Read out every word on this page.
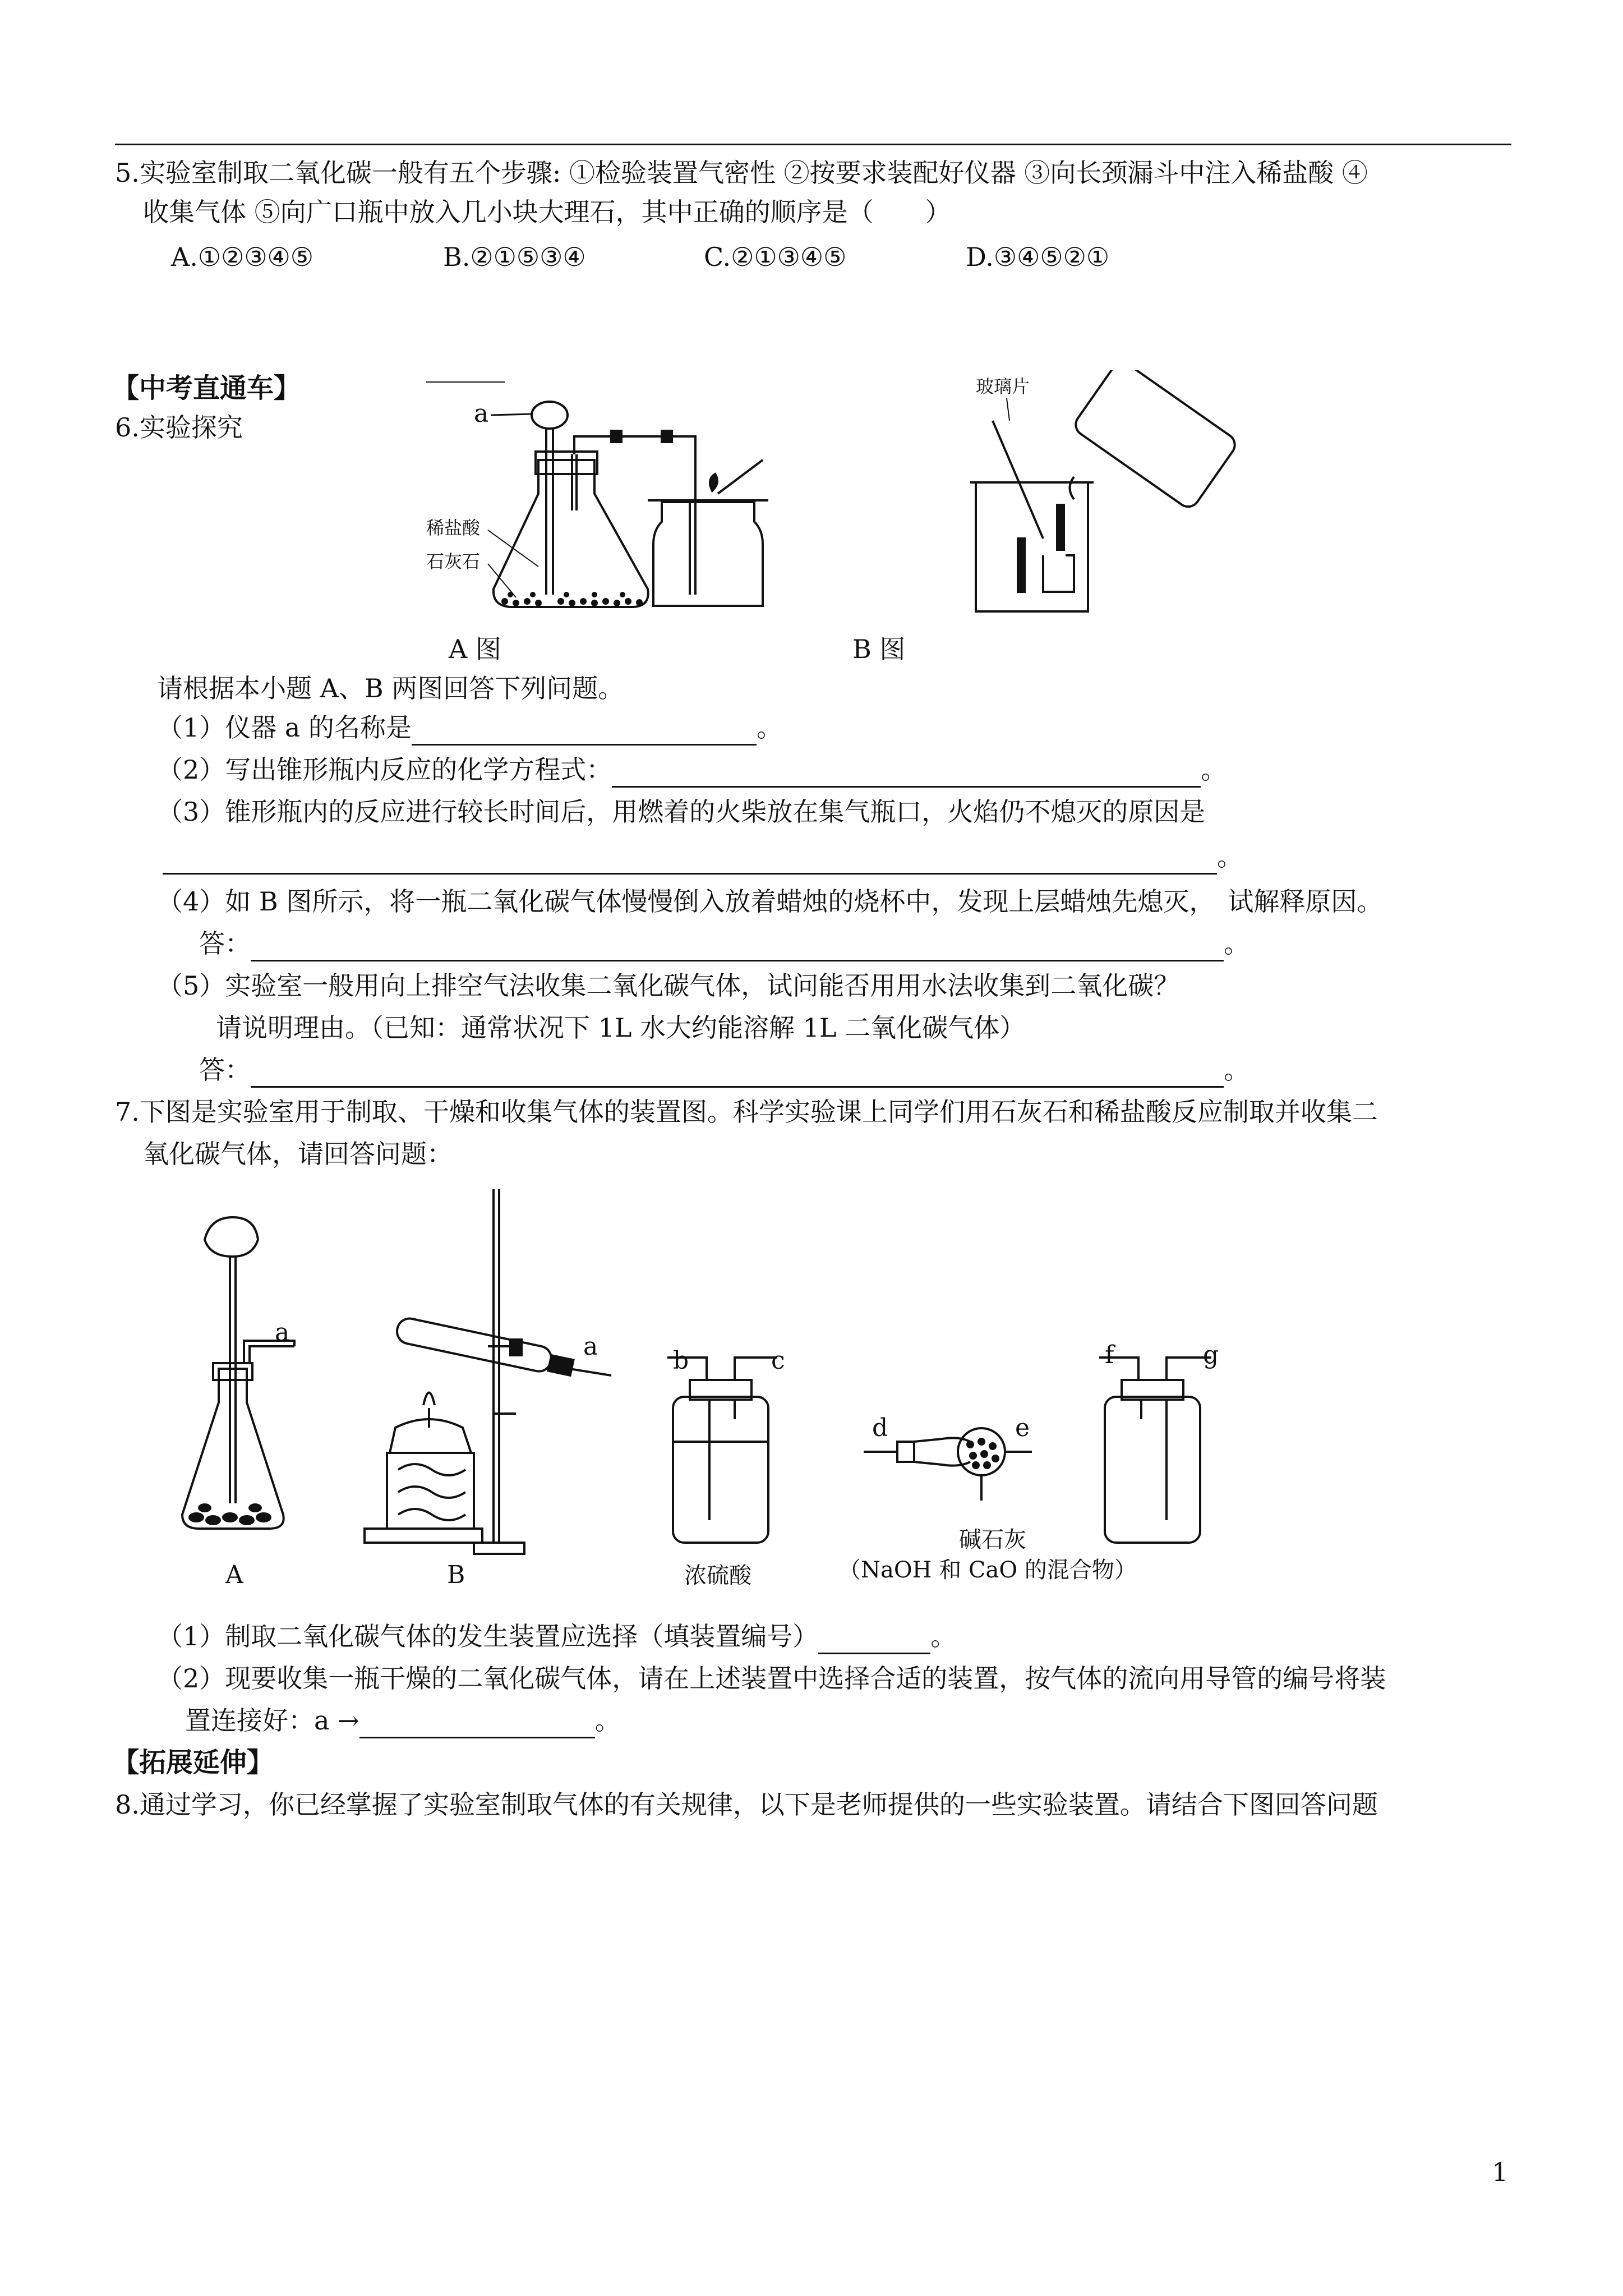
5.实验室制取二氧化碳一般有五个步骤: ①检验装置气密性 ②按要求装配好仪器 ③向长颈漏斗中注入稀盐酸 ④
收集气体 ⑤向广口瓶中放入几小块大理石，其中正确的顺序是（　　）
A.①②③④⑤	B.②①⑤③④	C.②①③④⑤	D.③④⑤②①
【中考直通车】
6.实验探究	a
稀盐酸
石灰石
A 图
玻璃片
B 图
请根据本小题 A、B 两图回答下列问题。
（1）仪器 a 的名称是	。
（2）写出锥形瓶内反应的化学方程式：	。
（3）锥形瓶内的反应进行较长时间后，用燃着的火柴放在集气瓶口，火焰仍不熄灭的原因是
。
（4）如 B 图所示，将一瓶二氧化碳气体慢慢倒入放着蜡烛的烧杯中，发现上层蜡烛先熄灭，　试解释原因。
答：	。
（5）实验室一般用向上排空气法收集二氧化碳气体，试问能否用用水法收集到二氧化碳？
请说明理由。（已知：通常状况下 1L 水大约能溶解 1L 二氧化碳气体）
答：	。
7.下图是实验室用于制取、干燥和收集气体的装置图。科学实验课上同学们用石灰石和稀盐酸反应制取并收集二
氧化碳气体，请回答问题：
a	a	b	c
d	e
f	g
A	B	浓硫酸
碱石灰
（NaOH 和 CaO 的混合物）
（1）制取二氧化碳气体的发生装置应选择（填装置编号）	。
（2）现要收集一瓶干燥的二氧化碳气体，请在上述装置中选择合适的装置，按气体的流向用导管的编号将装
置连接好：a →	。
【拓展延伸】
8.通过学习，你已经掌握了实验室制取气体的有关规律，以下是老师提供的一些实验装置。请结合下图回答问题
1
